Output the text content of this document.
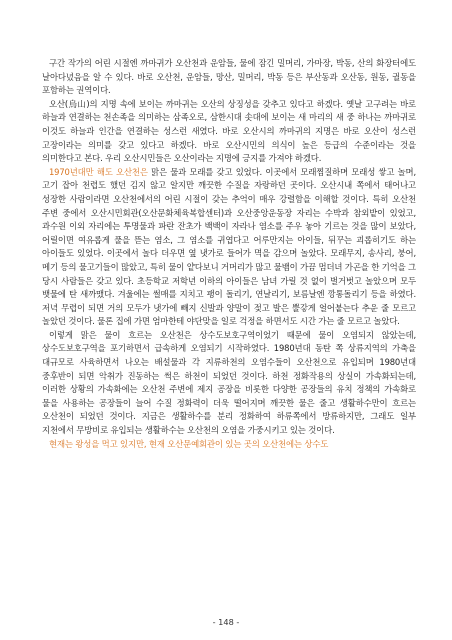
구간 작가의 어린 시절엔 까마귀가 오산천과 운암들, 물에 잠긴 밀머리, 가마장, 박동, 산의 화장터에도 날아다녔음을 알 수 있다. 바로 오산천, 운암들, 망산, 밀머리, 박동 등은 부산동과 오산동, 원동, 궐동을 포함하는 권역이다.

오산(烏山)의 지명 속에 보이는 까마귀는 오산의 상징성을 갖추고 있다고 하겠다. 옛날 고구려는 바로 하늘과 연결하는 천손족을 의미하는 삼족오로, 삼한시대 솟대에 보이는 새 마리의 새 중 하나는 까마귀로 이것도 하늘과 인간을 연결하는 성스런 새였다. 바로 오산시의 까마귀의 지명은 바로 오산이 성스런 고장이라는 의미를 갖고 있다고 하겠다. 바로 오산시민의 의식이 높은 등급의 수준이라는 것을 의미한다고 본다. 우리 오산시민들은 오산이라는 지명에 긍지를 가져야 하겠다.

1970년대만 해도 오산천은 맑은 물과 모래를 갖고 있었다. 이곳에서 모래찜질하며 모래성 쌓고 놀며, 고기 잡아 천렵도 했던 김지 않고 알지만 깨끗한 수질을 자랑하던 곳이다. 오산시내 쪽에서 태어나고 성장한 사람이라면 오산천에서의 어린 시절이 갖는 추억이 매우 강렬함을 이해할 것이다. 특히 오산천 주변 중에서 오산시민회관(오산문화체육복합센터)과 오산중앙운동장 자리는 수박과 참외밭이 있었고, 과수원 이외 자리에는 투명물과 파란 잔초가 백백이 자라나 염소를 주우 놓아 기르는 것을 많이 보았다, 어릴이면 여유롭게 풀을 뜯는 염소, 그 염소를 귀엽다고 어루만지는 아이들, 뒤꾸는 괴롭히기도 하는 아이들도 있었다. 이곳에서 놀다 더우면 옆 냇가로 들어가 멱을 감으며 놀았다. 모래무지, 송사리, 붕어, 메기 등의 물고기들이 많았고, 특히 물이 얕다보니 거머리가 많고 물뱀이 가끔 멈더녀 가곤을 한 기억을 그 당시 사람들은 갖고 있다. 초등학교 저학년 이하의 아이들은 남녀 가릴 것 없이 벌거벗고 놀았으며 모두 뱃물에 탄 새까맸다. 겨울에는 썰매를 지치고 팽이 돌리기, 연날리기, 보름날엔 깡통돌리기 등을 하였다. 저녁 무렵이 되면 거의 모두가 냇가에 빼지 신발과 양말이 젖고 발은 뿔갛게 얼어붙는다 추운 줄 모르고 놀았던 것이다. 물론 집에 가면 엄마한테 야단맞을 일로 걱정을 하면서도 시간 가는 줄 모르고 놀았다.

이렇게 맑은 물이 흐르는 오산천은 상수도보호구역이었기 때문에 물이 오염되지 않았는데, 상수도보호구역을 포기하면서 급속하게 오염되기 시작하였다. 1980년대 동탄 쪽 상류지역의 가축을 대규모로 사육하면서 나오는 배설물과 각 지류하천의 오염수들이 오산천으로 유입되며 1980년대 중후반이 되면 악취가 진동하는 썩은 하천이 되었던 것이다. 하천 정화작용의 상실이 가속화되는데, 이러한 상황의 가속화에는 오산천 주변에 제지 공장을 비롯한 다양한 공장들의 유치 정책의 가속화로 물을 사용하는 공장들이 늘어 수질 정화력이 더욱 떨어지며 깨끗한 물은 줄고 생활하수만이 흐르는 오산천이 되었던 것이다. 지금은 생활하수를 분리 정화하여 하류쪽에서 방류하지만, 그래도 일부 지천에서 무방비로 유입되는 생활하수는 오산천의 오염을 가중시키고 있는 것이다.

현재는 왕성을 먹고 있지만, 현재 오산문예회관이 있는 곳의 오산천에는 상수도

- 148 -
